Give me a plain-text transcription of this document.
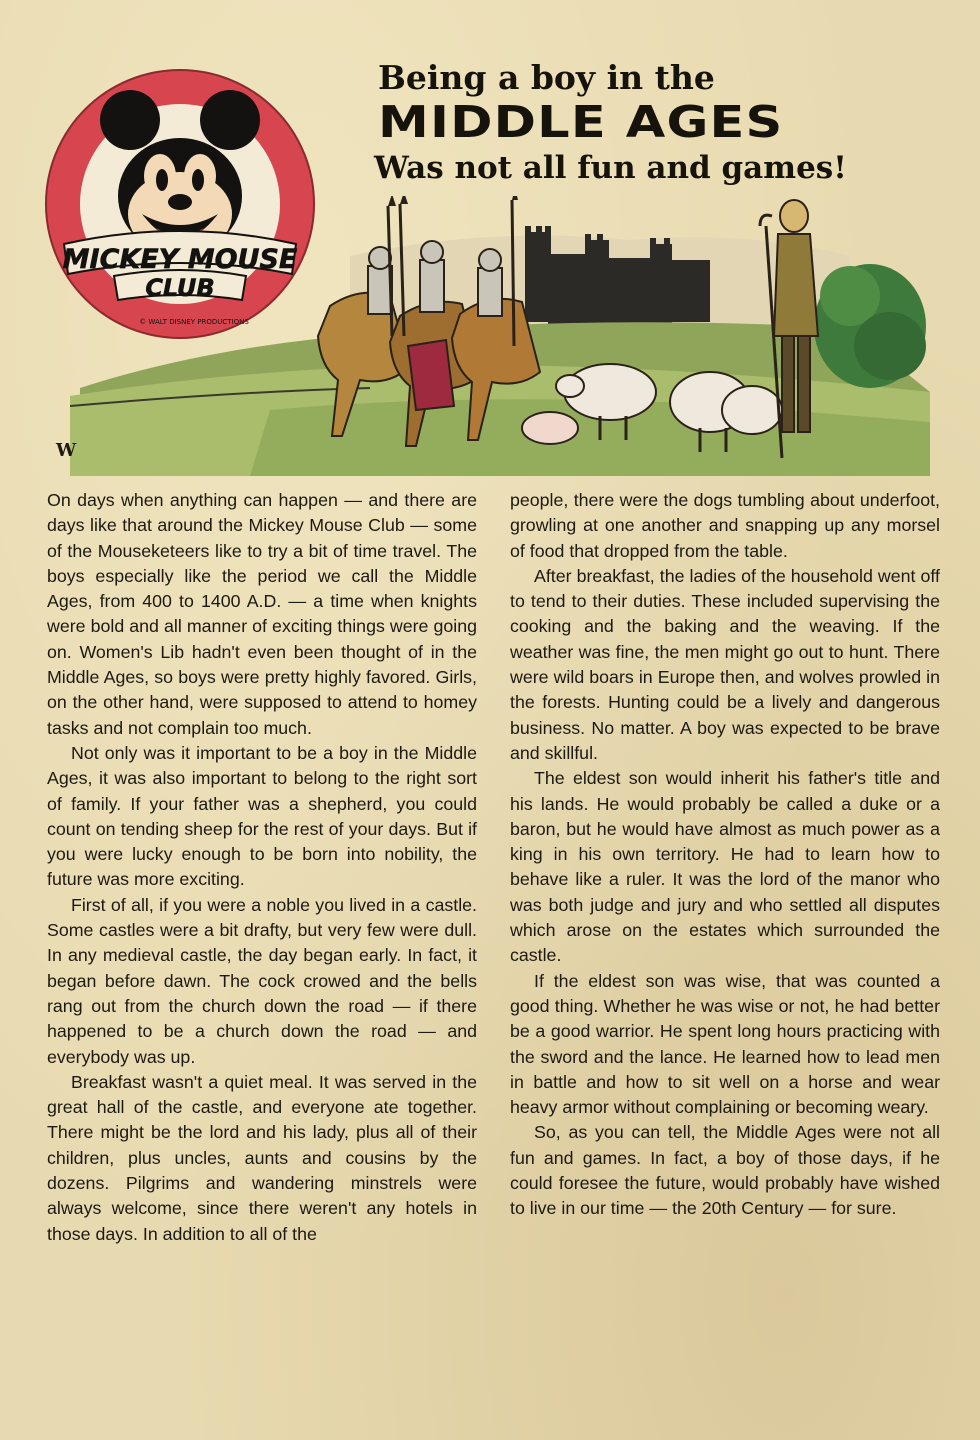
MICKEY MOUSE
CLUB
© WALT DISNEY PRODUCTIONS
Being a boy in the
MIDDLE AGES
Was not all fun and games!
W

On days when anything can happen — and there are days like that around the Mickey Mouse Club — some of the Mouseketeers like to try a bit of time travel. The boys especially like the period we call the Middle Ages, from 400 to 1400 A.D. — a time when knights were bold and all manner of exciting things were going on. Women's Lib hadn't even been thought of in the Middle Ages, so boys were pretty highly favored. Girls, on the other hand, were supposed to attend to homey tasks and not complain too much.

Not only was it important to be a boy in the Middle Ages, it was also important to belong to the right sort of family. If your father was a shepherd, you could count on tending sheep for the rest of your days. But if you were lucky enough to be born into nobility, the future was more exciting.

First of all, if you were a noble you lived in a castle. Some castles were a bit drafty, but very few were dull. In any medieval castle, the day began early. In fact, it began before dawn. The cock crowed and the bells rang out from the church down the road — if there happened to be a church down the road — and everybody was up.

Breakfast wasn't a quiet meal. It was served in the great hall of the castle, and everyone ate together. There might be the lord and his lady, plus all of their children, plus uncles, aunts and cousins by the dozens. Pilgrims and wandering minstrels were always welcome, since there weren't any hotels in those days. In addition to all of the

people, there were the dogs tumbling about underfoot, growling at one another and snapping up any morsel of food that dropped from the table.

After breakfast, the ladies of the household went off to tend to their duties. These included supervising the cooking and the baking and the weaving. If the weather was fine, the men might go out to hunt. There were wild boars in Europe then, and wolves prowled in the forests. Hunting could be a lively and dangerous business. No matter. A boy was expected to be brave and skillful.

The eldest son would inherit his father's title and his lands. He would probably be called a duke or a baron, but he would have almost as much power as a king in his own territory. He had to learn how to behave like a ruler. It was the lord of the manor who was both judge and jury and who settled all disputes which arose on the estates which surrounded the castle.

If the eldest son was wise, that was counted a good thing. Whether he was wise or not, he had better be a good warrior. He spent long hours practicing with the sword and the lance. He learned how to lead men in battle and how to sit well on a horse and wear heavy armor without complaining or becoming weary.

So, as you can tell, the Middle Ages were not all fun and games. In fact, a boy of those days, if he could foresee the future, would probably have wished to live in our time — the 20th Century — for sure.
